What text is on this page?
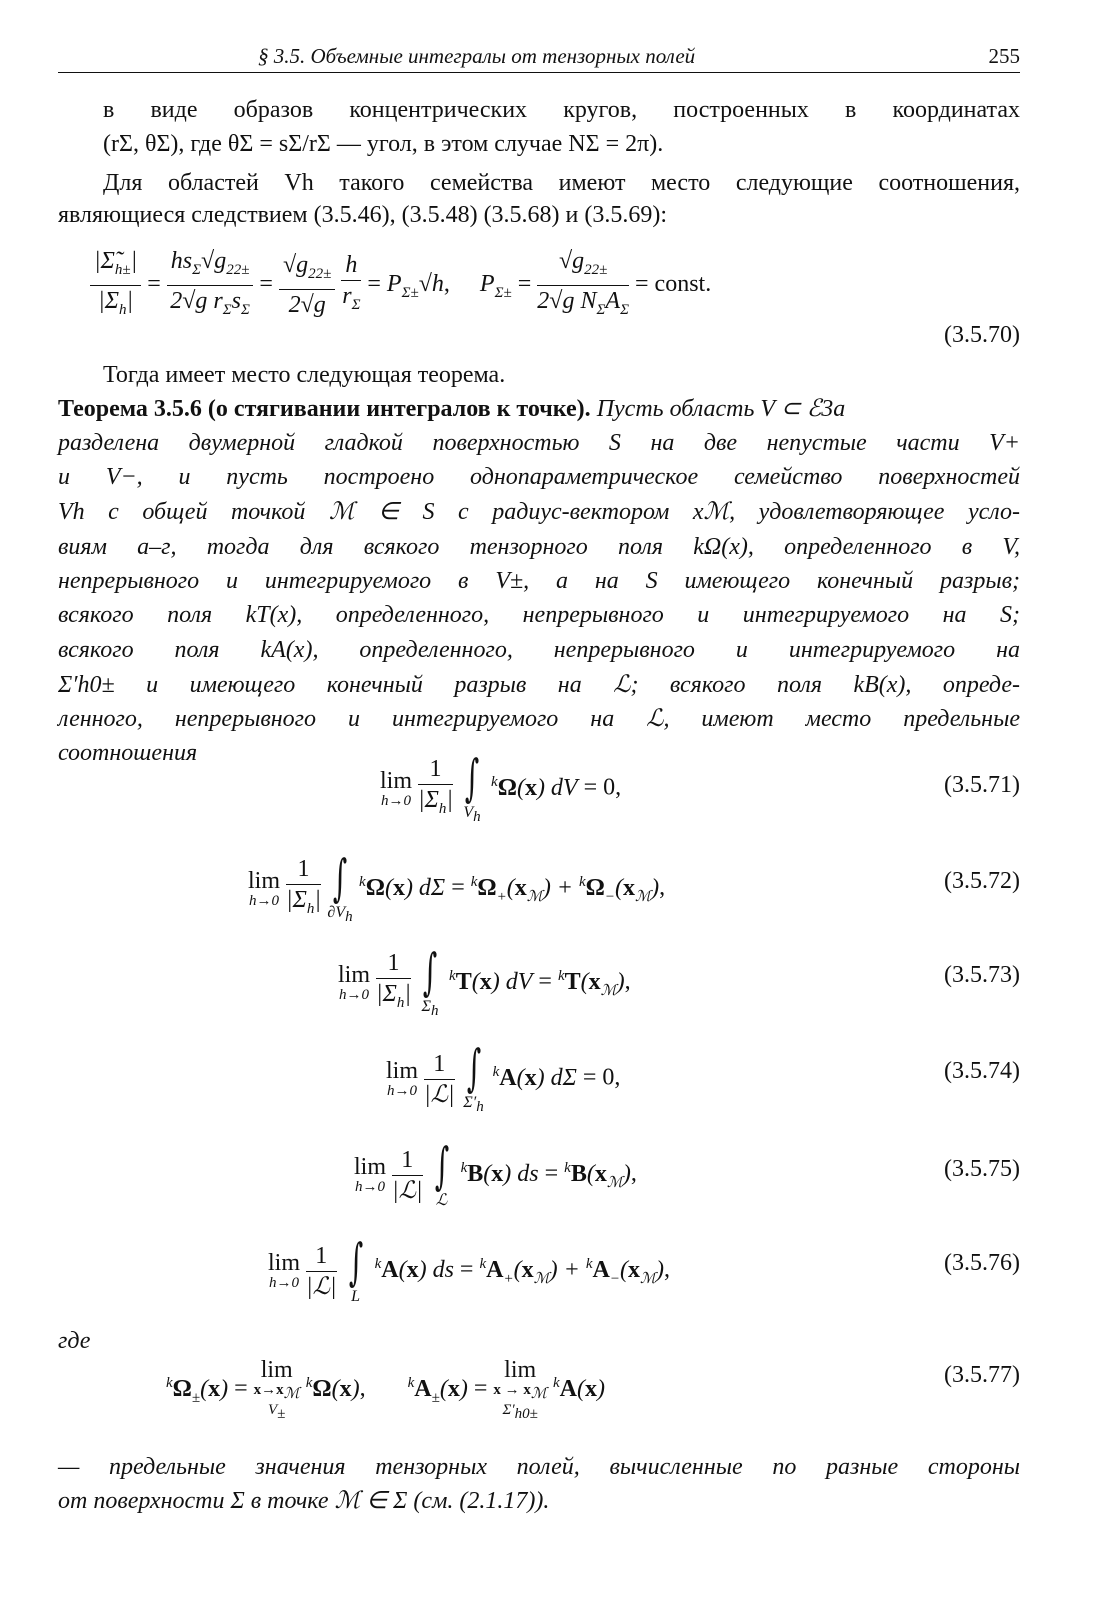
§ 3.5. Объемные интегралы от тензорных полей	255
в виде образов концентрических кругов, построенных в координатах
(rΣ, θΣ), где θΣ = sΣ/rΣ — угол, в этом случае NΣ = 2π).
Для областей Vh такого семейства имеют место следующие соотношения,
являющиеся следствием (3.5.46), (3.5.48) (3.5.68) и (3.5.69):
$\frac{|\Sigmã_{h\pm}|}{|\Sigma_h|} = \frac{hs_\Sigma√g_{22\pm}}{2√g r_\Sigma s_\Sigma} = \frac{√g_{22\pm}}{2√g}$
$\frac{h}{r_\Sigma} = P_{\Sigma\pm}√h$,     $P_{\Sigma\pm} = \frac{√g_{22\pm}}{2√g N_\Sigma A_\Sigma}$ = const.
(3.5.70)
Тогда имеет место следующая теорема.
Теорема 3.5.6 (о стягивании интегралов к точке). Пусть область V ⊂ ℰ3a
разделена двумерной гладкой поверхностью S на две непустые части V+
и V−, и пусть построено однопараметрическое семейство поверхностей
Vh с общей точкой ℳ ∈ S с радиус-вектором xℳ, удовлетворяющее усло-
виям а–г, тогда для всякого тензорного поля kΩ(x), определенного в V,
непрерывного и интегрируемого в V±, а на S имеющего конечный разрыв;
всякого поля kT(x), определенного, непрерывного и интегрируемого на S;
всякого поля kA(x), определенного, непрерывного и интегрируемого на
Σ′h0± и имеющего конечный разрыв на ℒ; всякого поля kB(x), опреде-
ленного, непрерывного и интегрируемого на ℒ, имеют место предельные
соотношения
lim
h→0
$\frac{1}{|\Sigma_h|}$
∫
$V_h$
$^k$Ω(x) dV = 0,	(3.5.71)
lim
h→0
$\frac{1}{|\Sigma_h|}$
∫
$\partial V_h$
$^k$Ω(x) $d\Sigma = ^k\Omega_+(x_ℳ) + ^k\Omega_-(x_ℳ)$,	(3.5.72)
lim
h→0
$\frac{1}{|\Sigma_h|}$
∫
$\Sigma_h$
$^k$T(x) dV = $^kT(x_ℳ)$,	(3.5.73)
lim
h→0
$\frac{1}{\text{|ℒ|}}$
∫
$\Sigma'_h$
$^k$A(x) dΣ = 0,	(3.5.74)
lim
h→0
$\frac{1}{\text{|ℒ|}}$
∫
ℒ
$^k$B(x) ds = $^kB(x_ℳ)$,	(3.5.75)
lim
h→0
$\frac{1}{\text{|ℒ|}}$
∫
L
$^k$A(x) ds = $^kA_+(x_ℳ) + ^kA_-(x_ℳ)$,	(3.5.76)
где
$^k\Omega_\pm(x)$ =
lim
$x\to x_ℳ$
$V_\pm$
$^k$Ω(x),       $^kA_\pm(x)$ =
lim
$x \to x_ℳ$
$\Sigma'_{h0\pm}$
$^k$A(x)
(3.5.77)
— предельные значения тензорных полей, вычисленные по разные стороны
от поверхности Σ в точке ℳ ∈ Σ (см. (2.1.17)).
